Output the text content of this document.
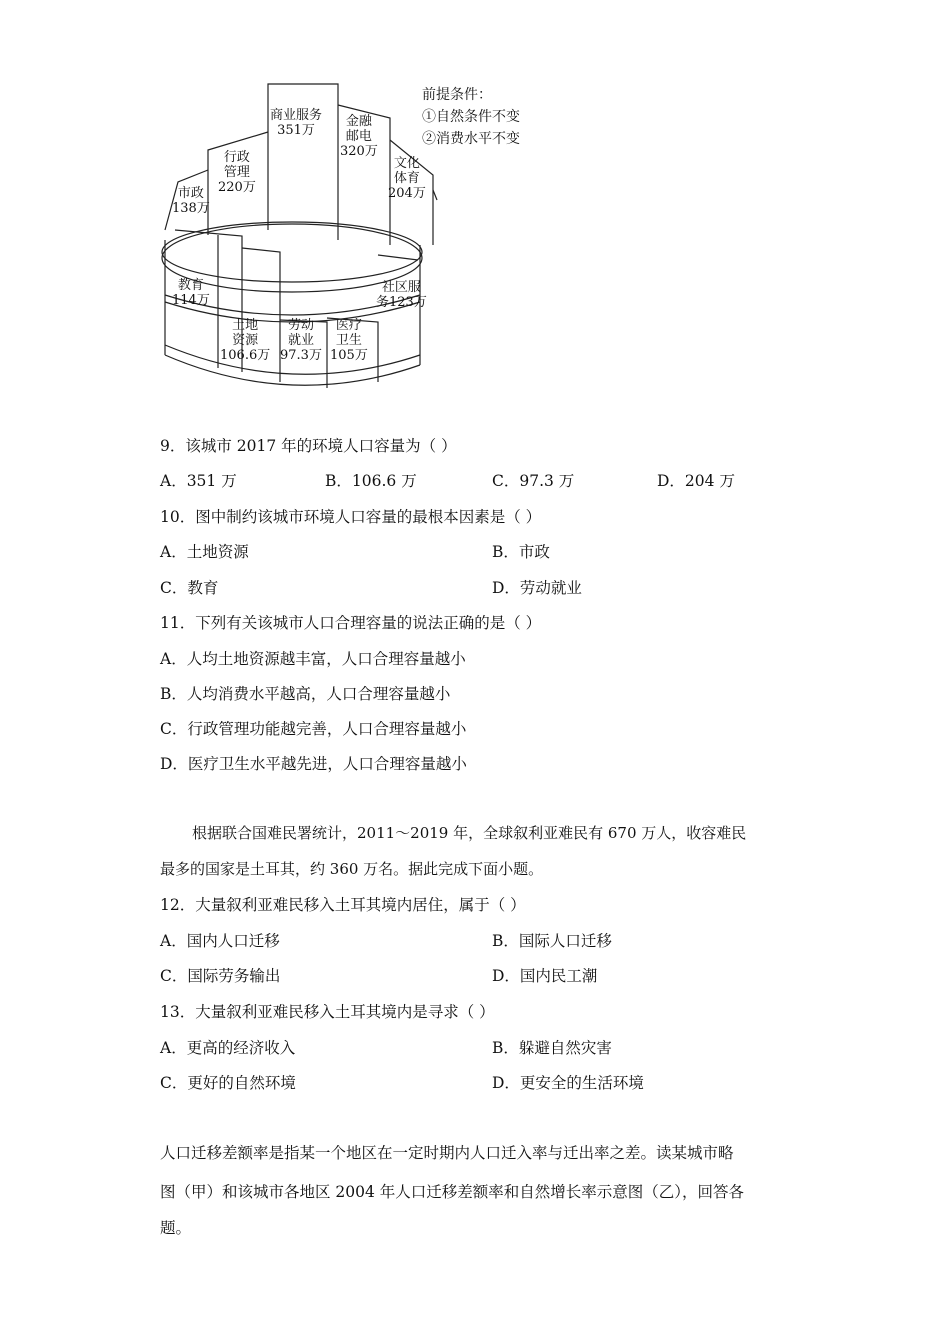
商业服务
351万
金融
邮电
320万
行政
管理
220万
文化
体育
204万
市政
138万
教育
114万
社区服
务123万
土地
资源
106.6万
劳动
就业
97.3万
医疗
卫生
105万
前提条件：
①自然条件不变
②消费水平不变
9．该城市 2017 年的环境人口容量为（ ）
A．351 万	B．106.6 万	C．97.3 万	D．204 万
10．图中制约该城市环境人口容量的最根本因素是（ ）
A．土地资源	B．市政
C．教育	D．劳动就业
11．下列有关该城市人口合理容量的说法正确的是（ ）
A．人均土地资源越丰富，人口合理容量越小
B．人均消费水平越高，人口合理容量越小
C．行政管理功能越完善，人口合理容量越小
D．医疗卫生水平越先进，人口合理容量越小
根据联合国难民署统计，2011～2019 年，全球叙利亚难民有 670 万人，收容难民
最多的国家是土耳其，约 360 万名。据此完成下面小题。
12．大量叙利亚难民移入土耳其境内居住，属于（ ）
A．国内人口迁移	B．国际人口迁移
C．国际劳务输出	D．国内民工潮
13．大量叙利亚难民移入土耳其境内是寻求（ ）
A．更高的经济收入	B．躲避自然灾害
C．更好的自然环境	D．更安全的生活环境
人口迁移差额率是指某一个地区在一定时期内人口迁入率与迁出率之差。读某城市略
图（甲）和该城市各地区 2004 年人口迁移差额率和自然增长率示意图（乙），回答各
题。
